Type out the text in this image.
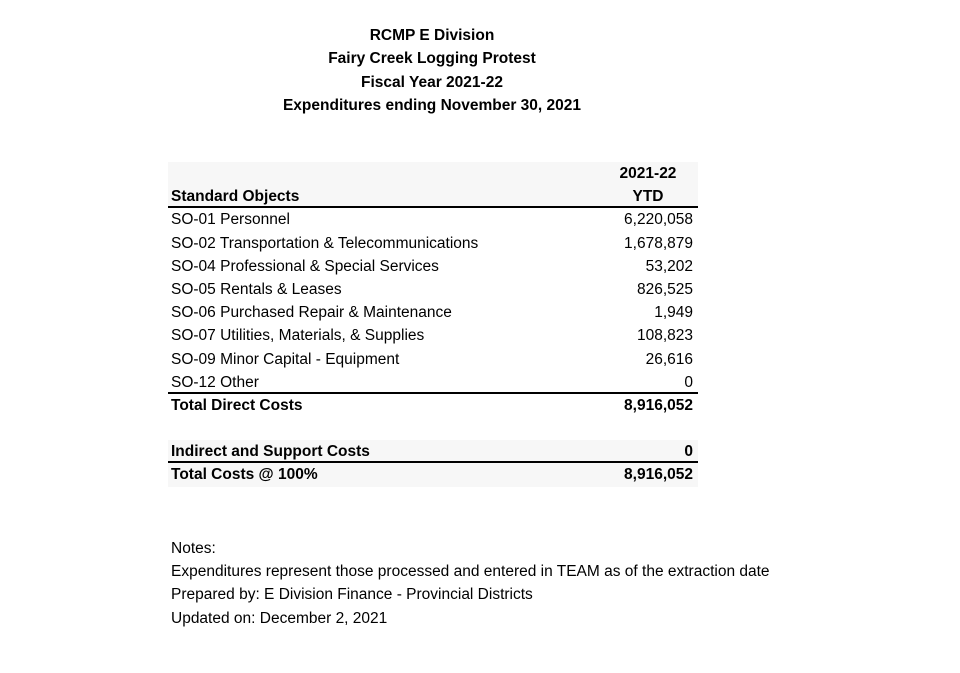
RCMP E Division
Fairy Creek Logging Protest
Fiscal Year 2021-22
Expenditures ending November 30, 2021
2021-22
Standard Objects	YTD
SO-01 Personnel	6,220,058
SO-02 Transportation & Telecommunications	1,678,879
SO-04 Professional & Special Services	53,202
SO-05 Rentals & Leases	826,525
SO-06 Purchased Repair & Maintenance	1,949
SO-07 Utilities, Materials, & Supplies	108,823
SO-09 Minor Capital - Equipment	26,616
SO-12 Other	0
Total Direct Costs	8,916,052
Indirect and Support Costs	0
Total Costs @ 100%	8,916,052
Notes:
Expenditures represent those processed and entered in TEAM as of the extraction date
Prepared by: E Division Finance - Provincial Districts
Updated on: December 2, 2021
